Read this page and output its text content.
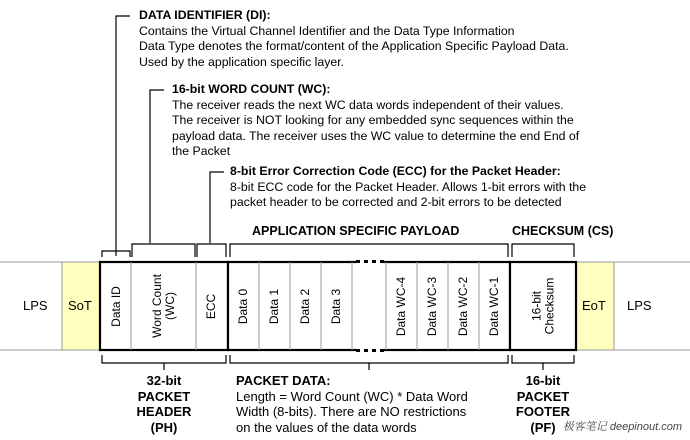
DATA IDENTIFIER (DI):
Contains the Virtual Channel Identifier and the Data Type Information
Data Type denotes the format/content of the Application Specific Payload Data.
Used by the application specific layer.
16-bit WORD COUNT (WC):
The receiver reads the next WC data words independent of their values.
The receiver is NOT looking for any embedded sync sequences within the
payload data. The receiver uses the WC value to determine the end End of
the Packet
8-bit Error Correction Code (ECC) for the Packet Header:
8-bit ECC code for the Packet Header. Allows 1-bit errors with the
packet header to be corrected and 2-bit errors to be detected
APPLICATION SPECIFIC PAYLOAD	CHECKSUM (CS)
LPS SoT	EoT LPS
Data ID Word Count
(WC) ECC Data 0 Data 1 Data 2 Data 3	Data WC-4 Data WC-3 Data WC-2 Data WC-1 16-bit
Checksum
32-bit
PACKET
HEADER
(PH)
PACKET DATA:
Length = Word Count (WC) * Data Word
Width (8-bits). There are NO restrictions
on the values of the data words
16-bit
PACKET
FOOTER
(PF) 极客笔记 deepinout.com
